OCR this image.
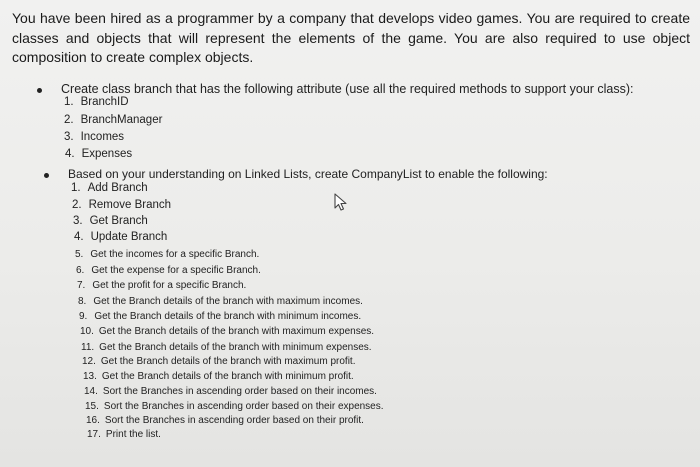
You have been hired as a programmer by a company that develops video games. You are required to create classes and objects that will represent the elements of the game. You are also required to use object composition to create complex objects.
Create class branch that has the following attribute (use all the required methods to support your class):
1. BranchID
2. BranchManager
3. Incomes
4. Expenses
Based on your understanding on Linked Lists, create CompanyList to enable the following:
1. Add Branch
2. Remove Branch
3. Get Branch
4. Update Branch
5. Get the incomes for a specific Branch.
6. Get the expense for a specific Branch.
7. Get the profit for a specific Branch.
8. Get the Branch details of the branch with maximum incomes.
9. Get the Branch details of the branch with minimum incomes.
10. Get the Branch details of the branch with maximum expenses.
11. Get the Branch details of the branch with minimum expenses.
12. Get the Branch details of the branch with maximum profit.
13. Get the Branch details of the branch with minimum profit.
14. Sort the Branches in ascending order based on their incomes.
15. Sort the Branches in ascending order based on their expenses.
16. Sort the Branches in ascending order based on their profit.
17. Print the list.
